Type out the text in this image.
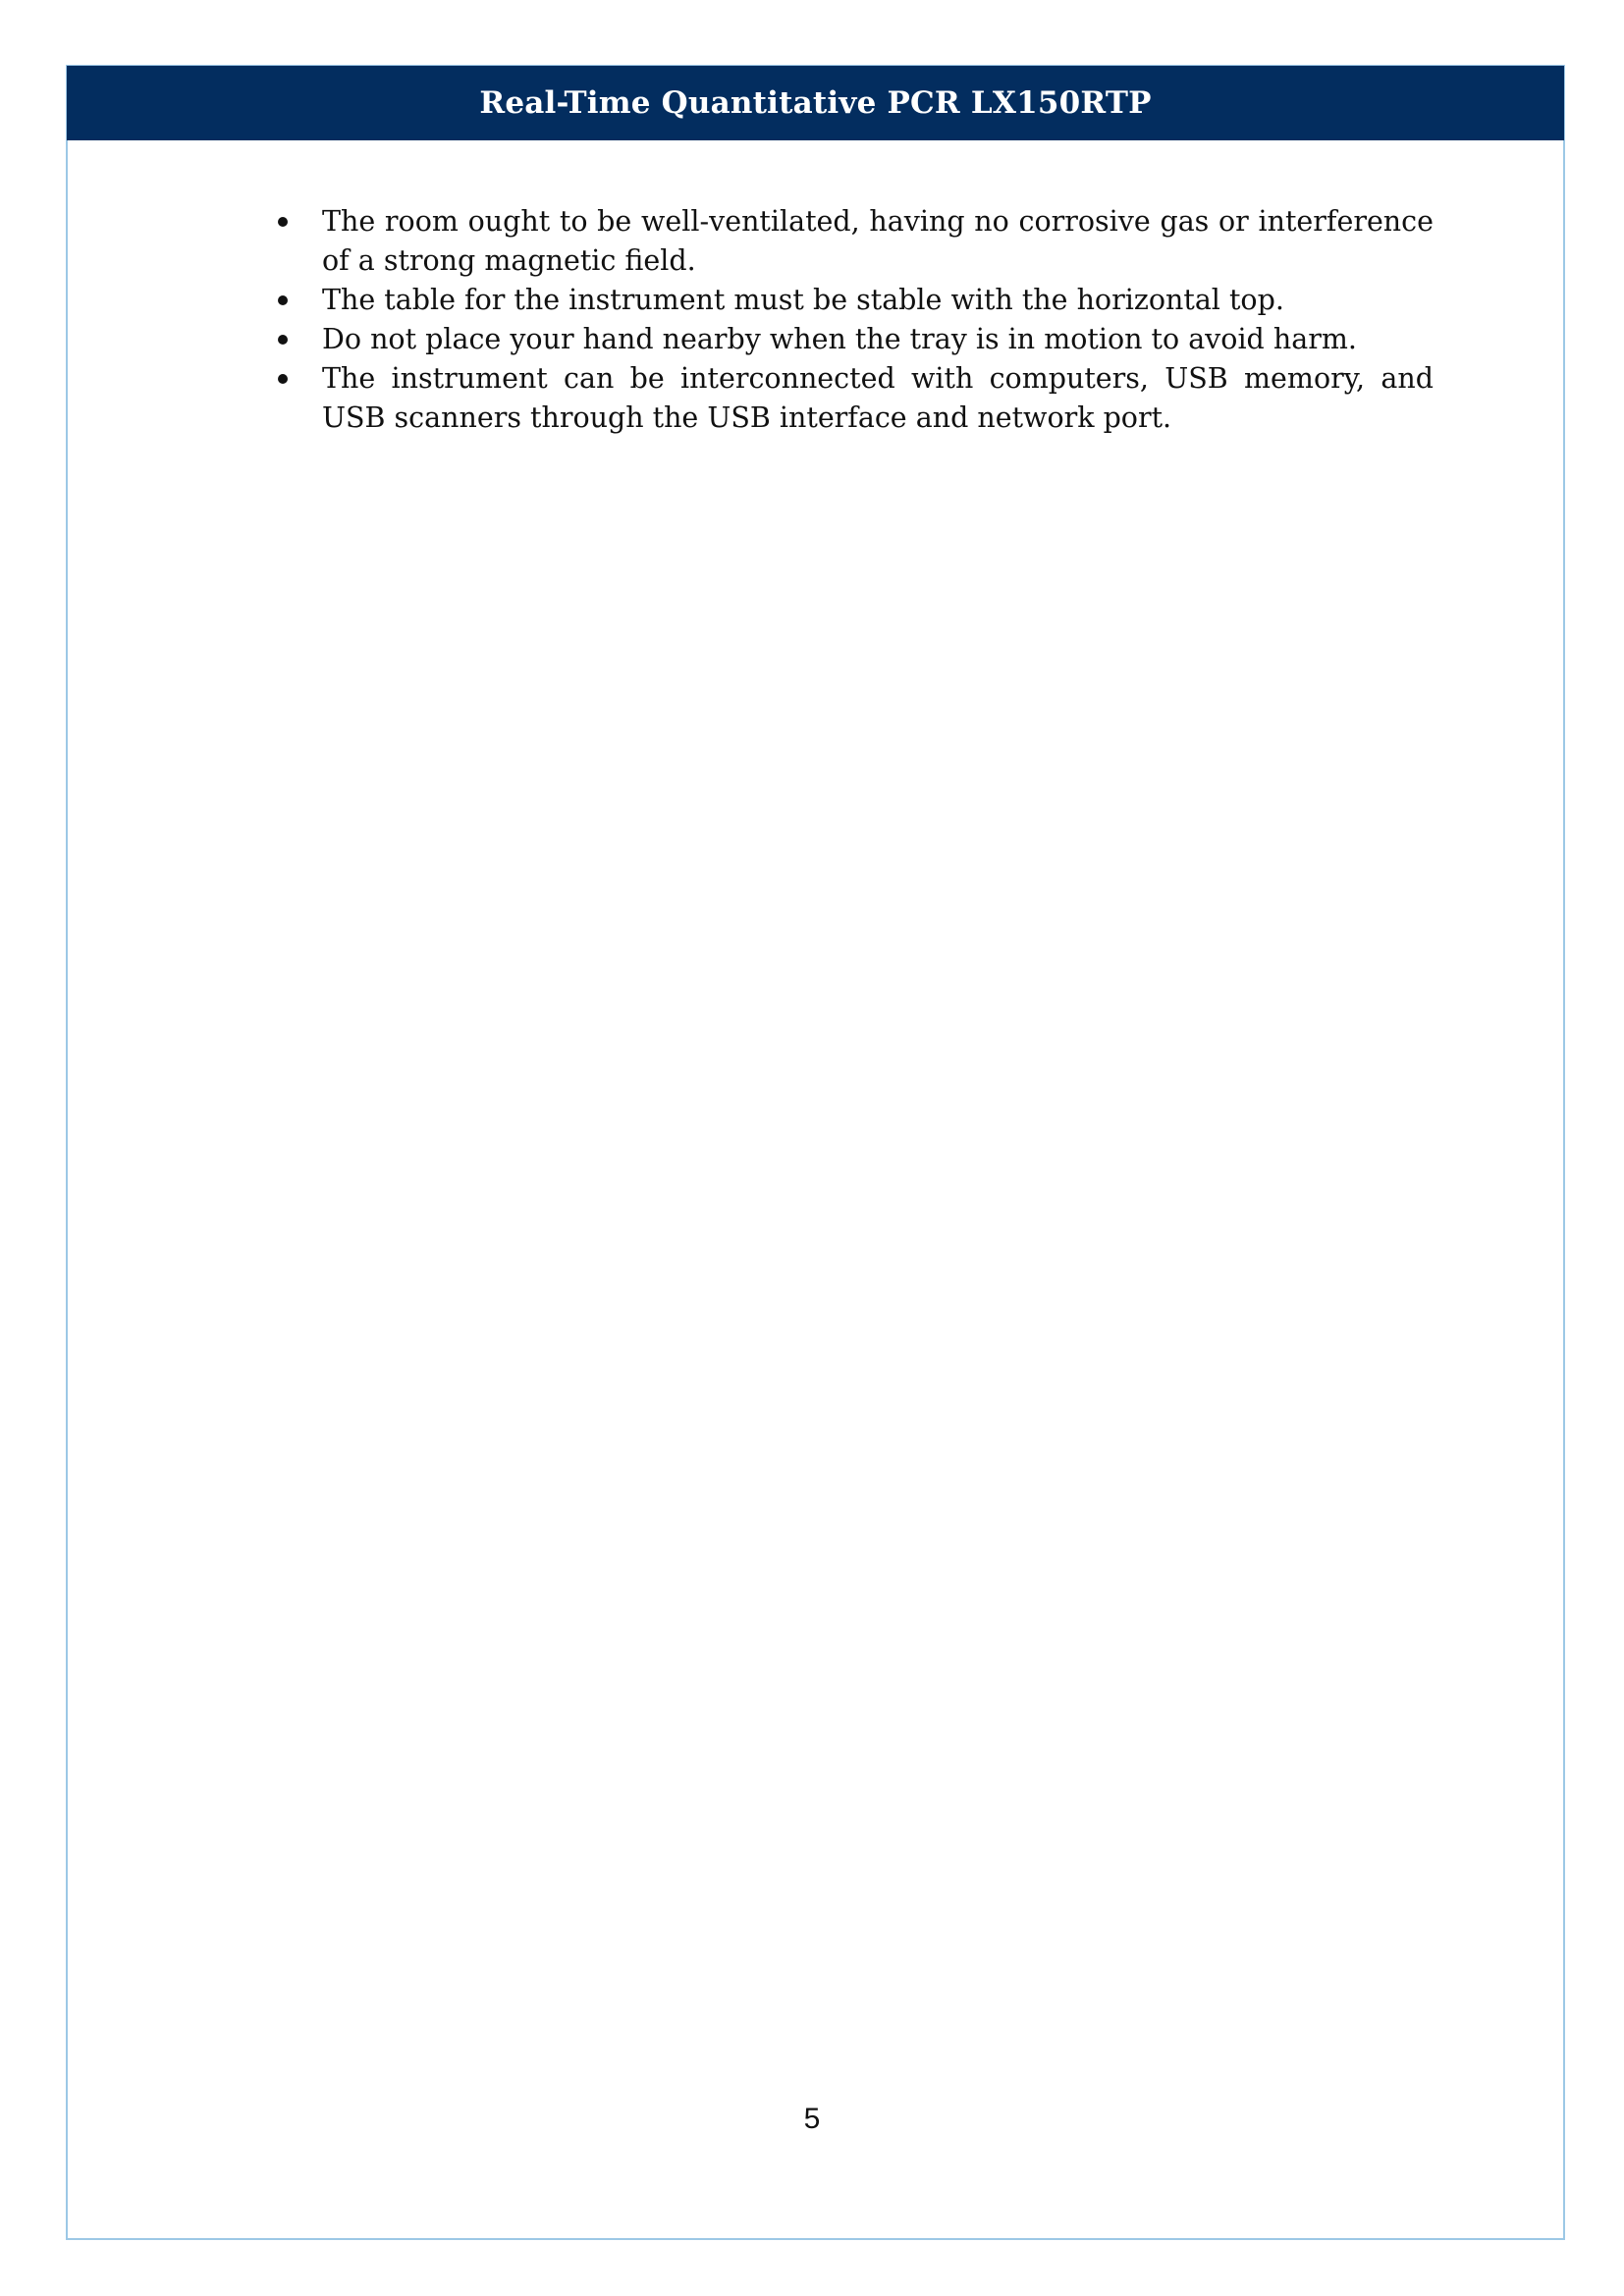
Real-Time Quantitative PCR LX150RTP
The room ought to be well-ventilated, having no corrosive gas or interference of a strong magnetic field.
The table for the instrument must be stable with the horizontal top.
Do not place your hand nearby when the tray is in motion to avoid harm.
The instrument can be interconnected with computers, USB memory, and USB scanners through the USB interface and network port.
5
